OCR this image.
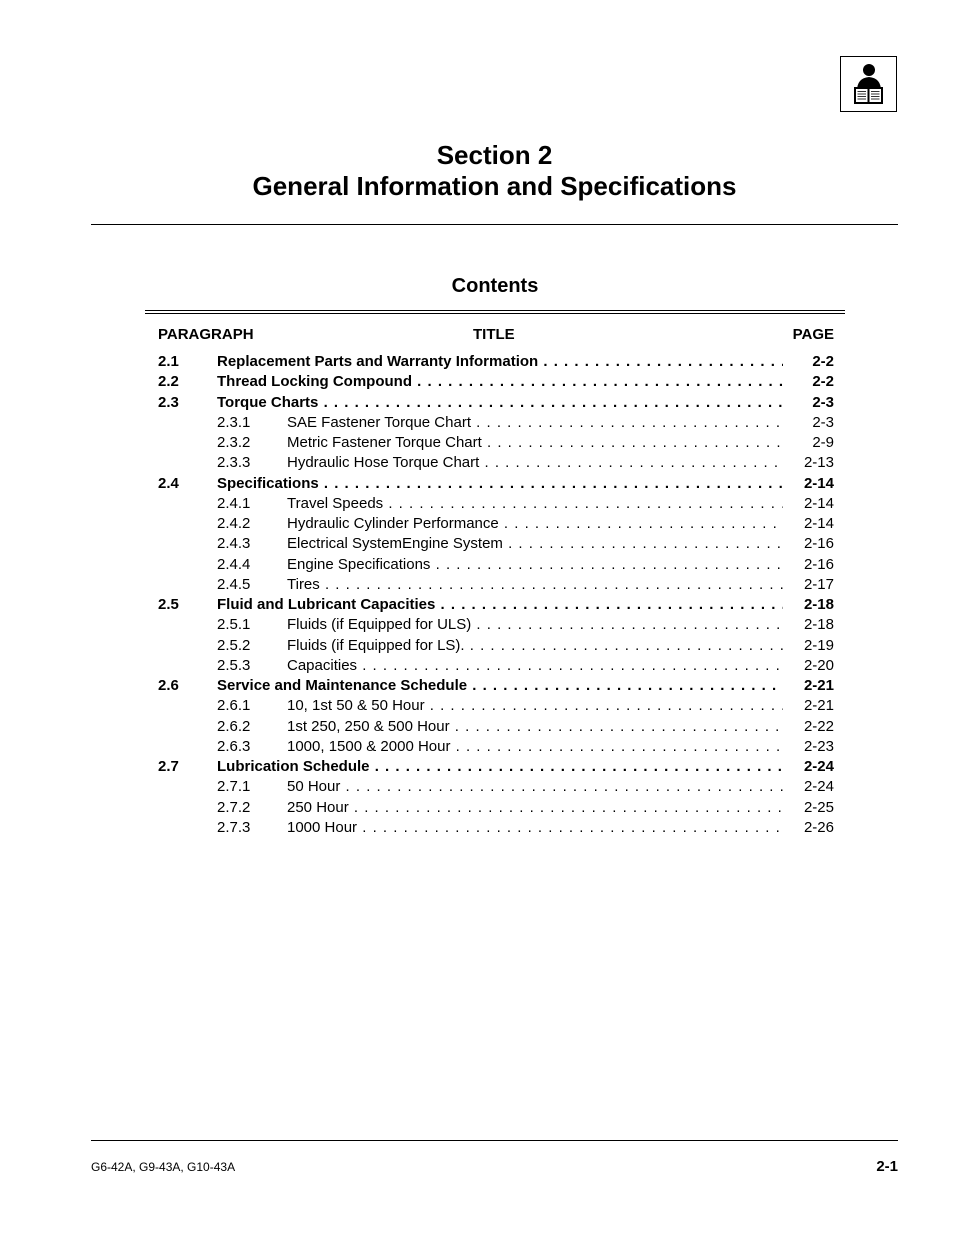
Section 2
General Information and Specifications
Contents
PARAGRAPH	TITLE	PAGE
2.1	Replacement Parts and Warranty Information . . .	2-2
2.2	Thread Locking Compound . . .	2-2
2.3	Torque Charts . . .	2-3
2.3.1 SAE Fastener Torque Chart . . .	2-3
2.3.2 Metric Fastener Torque Chart . . .	2-9
2.3.3 Hydraulic Hose Torque Chart . . .	2-13
2.4	Specifications . . .	2-14
2.4.1 Travel Speeds . . .	2-14
2.4.2 Hydraulic Cylinder Performance . . .	2-14
2.4.3 Electrical SystemEngine System . . .	2-16
2.4.4 Engine Specifications . . .	2-16
2.4.5 Tires . . .	2-17
2.5	Fluid and Lubricant Capacities . . .	2-18
2.5.1 Fluids (if Equipped for ULS) . . .	2-18
2.5.2 Fluids (if Equipped for LS). . . .	2-19
2.5.3 Capacities . . .	2-20
2.6	Service and Maintenance Schedule . . .	2-21
2.6.1 10, 1st 50 & 50 Hour . . .	2-21
2.6.2 1st 250, 250 & 500 Hour . . .	2-22
2.6.3 1000, 1500 & 2000 Hour . . .	2-23
2.7	Lubrication Schedule . . .	2-24
2.7.1 50 Hour . . .	2-24
2.7.2 250 Hour . . .	2-25
2.7.3 1000 Hour . . .	2-26
G6-42A, G9-43A, G10-43A	2-1
